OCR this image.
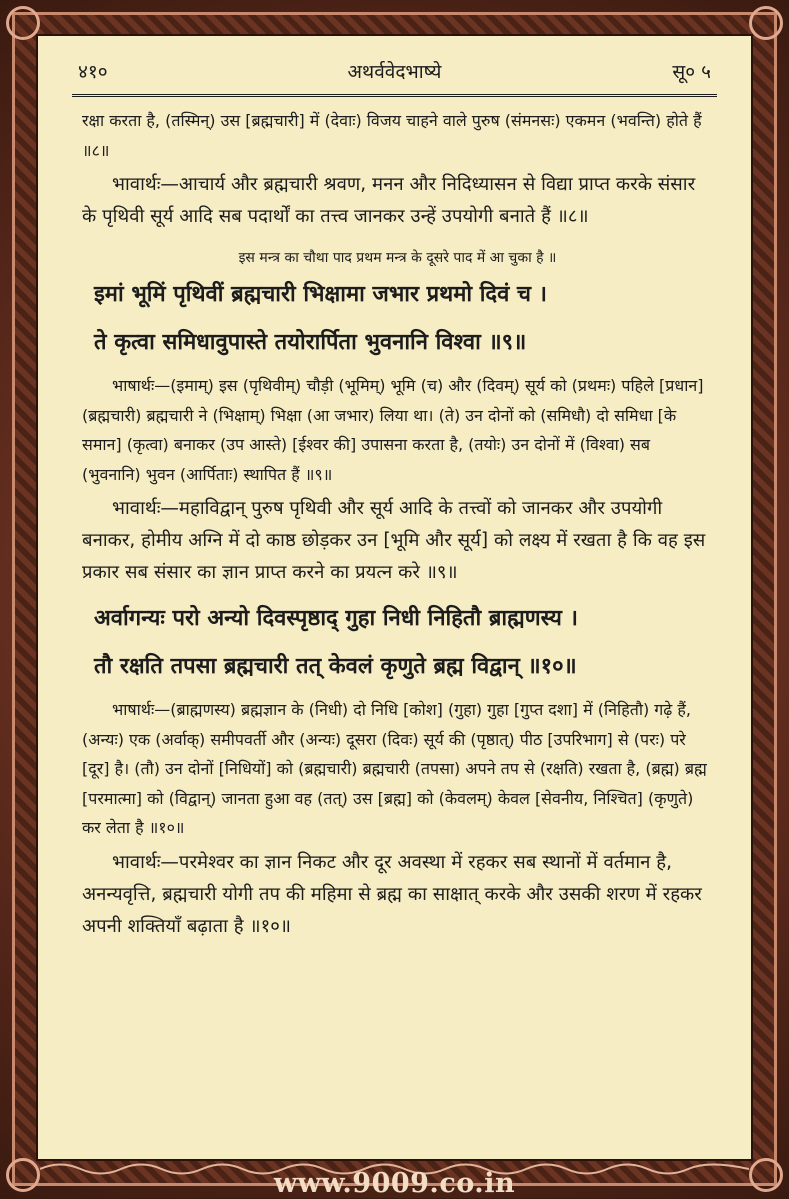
४१०	अथर्ववेदभाष्ये	सू० ५

रक्षा करता है, (तस्मिन्) उस [ब्रह्मचारी] में (देवाः) विजय चाहने वाले पुरुष (संमनसः) एकमन (भवन्ति) होते हैं ॥८॥

भावार्थः—आचार्य और ब्रह्मचारी श्रवण, मनन और निदिध्यासन से विद्या प्राप्त करके संसार के पृथिवी सूर्य आदि सब पदार्थों का तत्त्व जानकर उन्हें उपयोगी बनाते हैं ॥८॥

इस मन्त्र का चौथा पाद प्रथम मन्त्र के दूसरे पाद में आ चुका है ॥

इमां भूमिं पृथिवीं ब्रह्मचारी भिक्षामा जभार प्रथमो दिवं च ।

ते कृत्वा समिधावुपास्ते तयोरार्पिता भुवनानि विश्वा ॥९॥

भाषार्थः—(इमाम्) इस (पृथिवीम्) चौड़ी (भूमिम्) भूमि (च) और (दिवम्) सूर्य को (प्रथमः) पहिले [प्रधान] (ब्रह्मचारी) ब्रह्मचारी ने (भिक्षाम्) भिक्षा (आ जभार) लिया था। (ते) उन दोनों को (समिधौ) दो समिधा [के समान] (कृत्वा) बनाकर (उप आस्ते) [ईश्वर की] उपासना करता है, (तयोः) उन दोनों में (विश्वा) सब (भुवनानि) भुवन (आर्पिताः) स्थापित हैं ॥९॥

भावार्थः—महाविद्वान् पुरुष पृथिवी और सूर्य आदि के तत्त्वों को जानकर और उपयोगी बनाकर, होमीय अग्नि में दो काष्ठ छोड़कर उन [भूमि और सूर्य] को लक्ष्य में रखता है कि वह इस प्रकार सब संसार का ज्ञान प्राप्त करने का प्रयत्न करे ॥९॥

अर्वागन्यः परो अन्यो दिवस्पृष्ठाद् गुहा निधी निहितौ ब्राह्मणस्य ।

तौ रक्षति तपसा ब्रह्मचारी तत् केवलं कृणुते ब्रह्म विद्वान् ॥१०॥

भाषार्थः—(ब्राह्मणस्य) ब्रह्मज्ञान के (निधी) दो निधि [कोश] (गुहा) गुहा [गुप्त दशा] में (निहितौ) गढ़े हैं, (अन्यः) एक (अर्वाक्) समीपवर्ती और (अन्यः) दूसरा (दिवः) सूर्य की (पृष्ठात्) पीठ [उपरिभाग] से (परः) परे [दूर] है। (तौ) उन दोनों [निधियों] को (ब्रह्मचारी) ब्रह्मचारी (तपसा) अपने तप से (रक्षति) रखता है, (ब्रह्म) ब्रह्म [परमात्मा] को (विद्वान्) जानता हुआ वह (तत्) उस [ब्रह्म] को (केवलम्) केवल [सेवनीय, निश्चित] (कृणुते) कर लेता है ॥१०॥

भावार्थः—परमेश्वर का ज्ञान निकट और दूर अवस्था में रहकर सब स्थानों में वर्तमान है, अनन्यवृत्ति, ब्रह्मचारी योगी तप की महिमा से ब्रह्म का साक्षात् करके और उसकी शरण में रहकर अपनी शक्तियाँ बढ़ाता है ॥१०॥

www.9009.co.in
